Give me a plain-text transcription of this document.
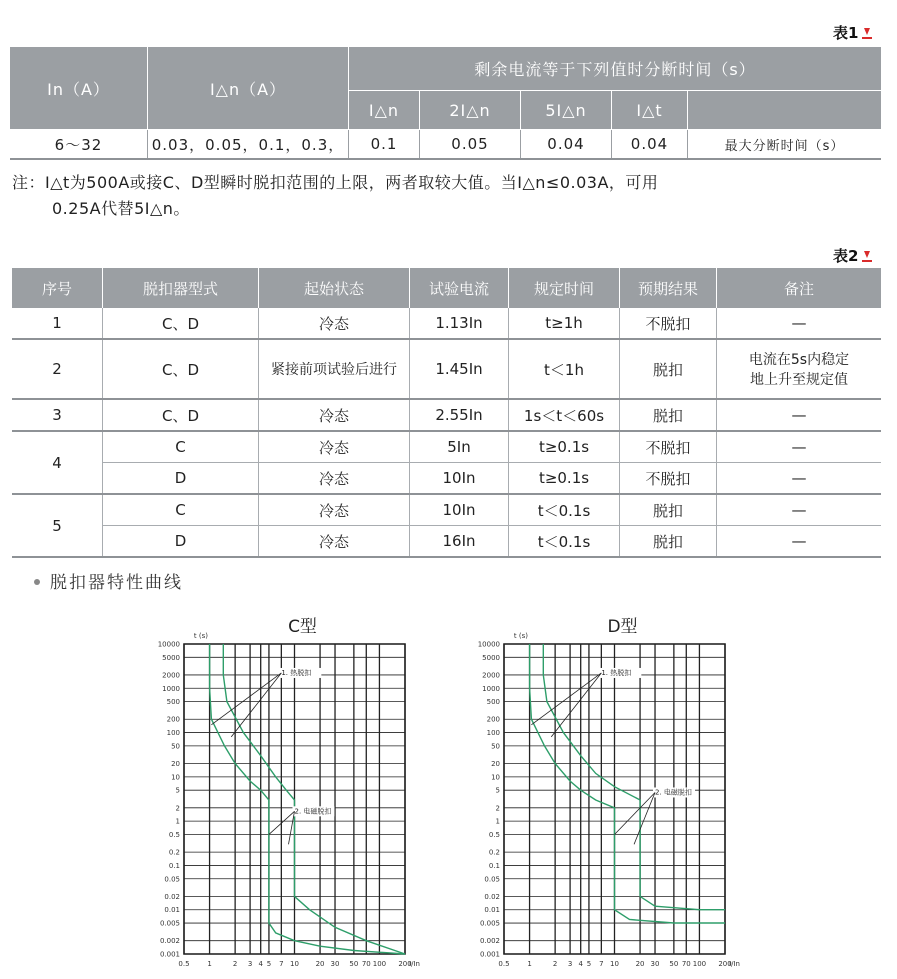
表1
In（A）	I△n（A）	剩余电流等于下列值时分断时间（s）				
		I△n	2I△n	5I△n	I△t	
6～32	0.03，0.05，0.1，0.3，	0.1	0.05	0.04	0.04	最大分断时间（s）
注：I△t为500A或接C、D型瞬时脱扣范围的上限，两者取较大值。当I△n≤0.03A，可用
0.25A代替5I△n。
表2
序号	脱扣器型式	起始状态	试验电流	规定时间	预期结果	备注
1	C、D	冷态	1.13In	t≥1h	不脱扣	—
2	C、D	紧接前项试验后进行	1.45In	t＜1h	脱扣	电流在5s内稳定
地上升至规定值
3	C、D	冷态	2.55In	1s＜t＜60s	脱扣	—
4	C	冷态	5In	t≥0.1s	不脱扣	—
	D	冷态	10In	t≥0.1s	不脱扣	—
5	C	冷态	10In	t＜0.1s	脱扣	—
	D	冷态	16In	t＜0.1s	脱扣	—
脱扣器特性曲线
C型
t (s)
10000
5000
2000
1000
500
200
100
50
20
10
5
2
1
0.5
0.2
0.1
0.05
0.02
0.01
0.005
0.002
0.001
0.5	1	2 3 4 5 7 10 20 30 50 70 100 200
I/In
1. 热脱扣
2. 电磁脱扣
D型
t (s)
10000
5000
2000
1000
500
200
100
50
20
10
5
2
1
0.5
0.2
0.1
0.05
0.02
0.01
0.005
0.002
0.001
0.5	1	2 3 4 5 7 10 20 30 50 70 100 200
I/In
1. 热脱扣
2. 电磁脱扣
